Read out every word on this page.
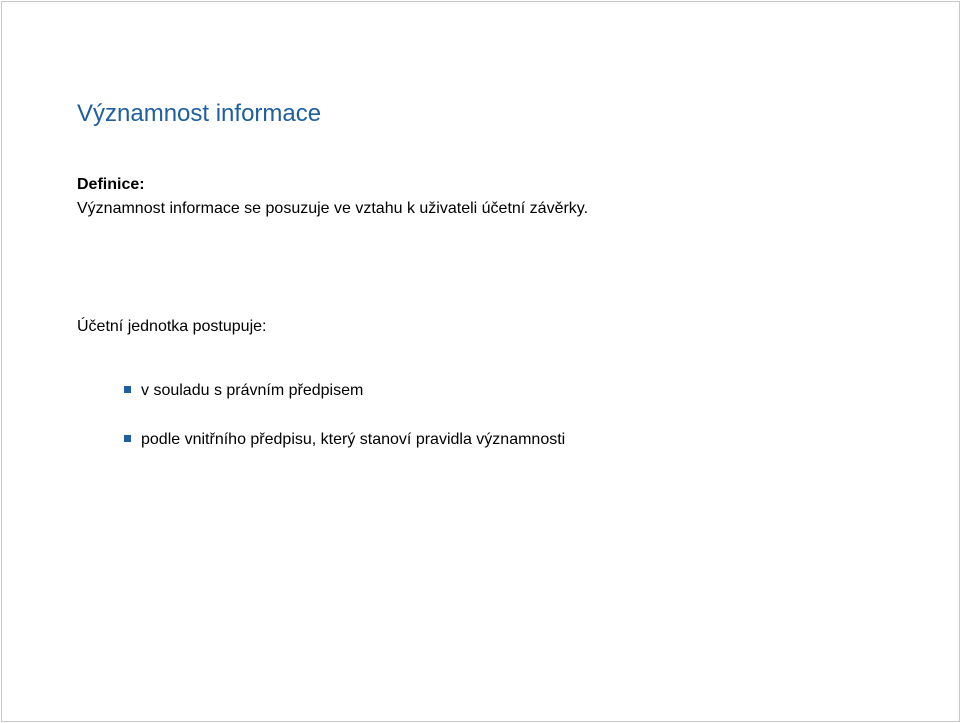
Významnost informace
Definice:
Významnost informace se posuzuje ve vztahu k uživateli účetní závěrky.
Účetní jednotka postupuje:
v souladu s právním předpisem
podle vnitřního předpisu, který stanoví pravidla významnosti
